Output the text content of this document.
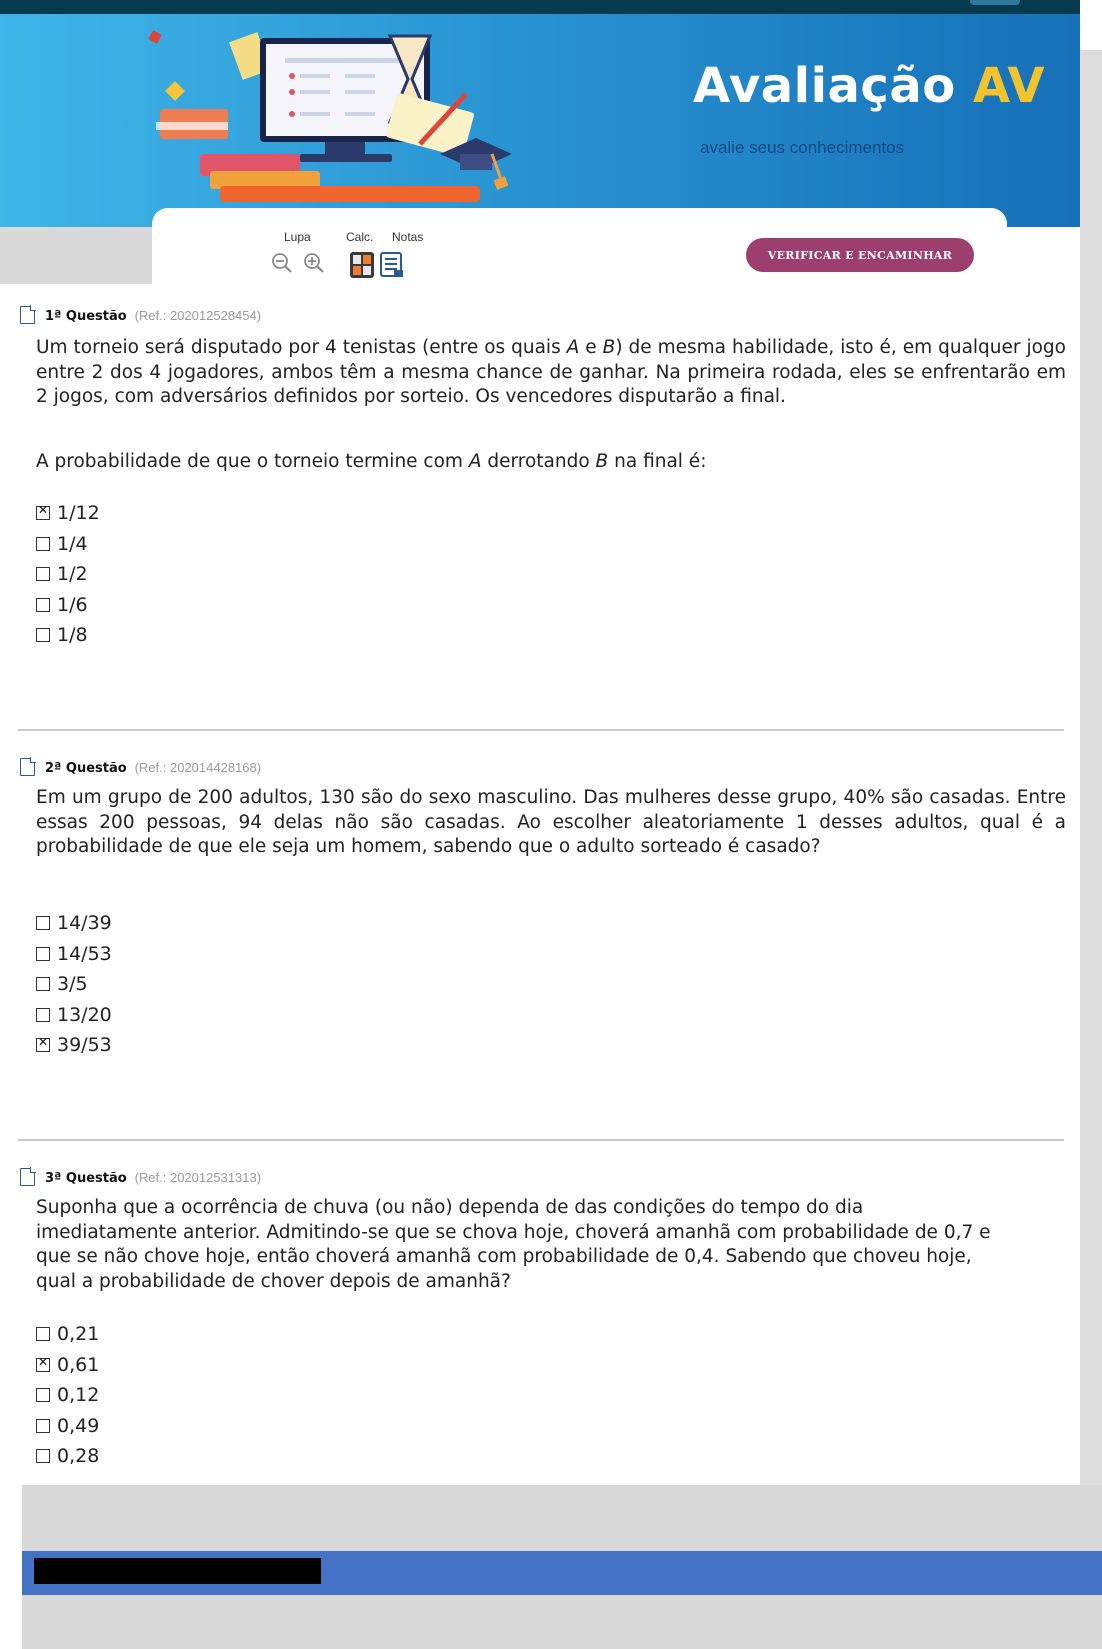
Avaliação AV
avalie seus conhecimentos
Lupa	Calc. Notas
VERIFICAR E ENCAMINHAR
1ª Questão (Ref.: 202012528454)
Um torneio será disputado por 4 tenistas (entre os quais A e B) de mesma habilidade, isto é, em qualquer jogo entre 2 dos 4 jogadores, ambos têm a mesma chance de ganhar. Na primeira rodada, eles se enfrentarão em 2 jogos, com adversários definidos por sorteio. Os vencedores disputarão a final.
A probabilidade de que o torneio termine com A derrotando B na final é:
✕
1/12
1/4
1/2
1/6
1/8
2ª Questão (Ref.: 202014428168)
Em um grupo de 200 adultos, 130 são do sexo masculino. Das mulheres desse grupo, 40% são casadas. Entre essas 200 pessoas, 94 delas não são casadas. Ao escolher aleatoriamente 1 desses adultos, qual é a probabilidade de que ele seja um homem, sabendo que o adulto sorteado é casado?
14/39
14/53
3/5
13/20
✕
39/53
3ª Questão (Ref.: 202012531313)
Suponha que a ocorrência de chuva (ou não) dependa de das condições do tempo do dia imediatamente anterior. Admitindo-se que se chova hoje, choverá amanhã com probabilidade de 0,7 e que se não chove hoje, então choverá amanhã com probabilidade de 0,4. Sabendo que choveu hoje, qual a probabilidade de chover depois de amanhã?
0,21
✕
0,61
0,12
0,49
0,28
